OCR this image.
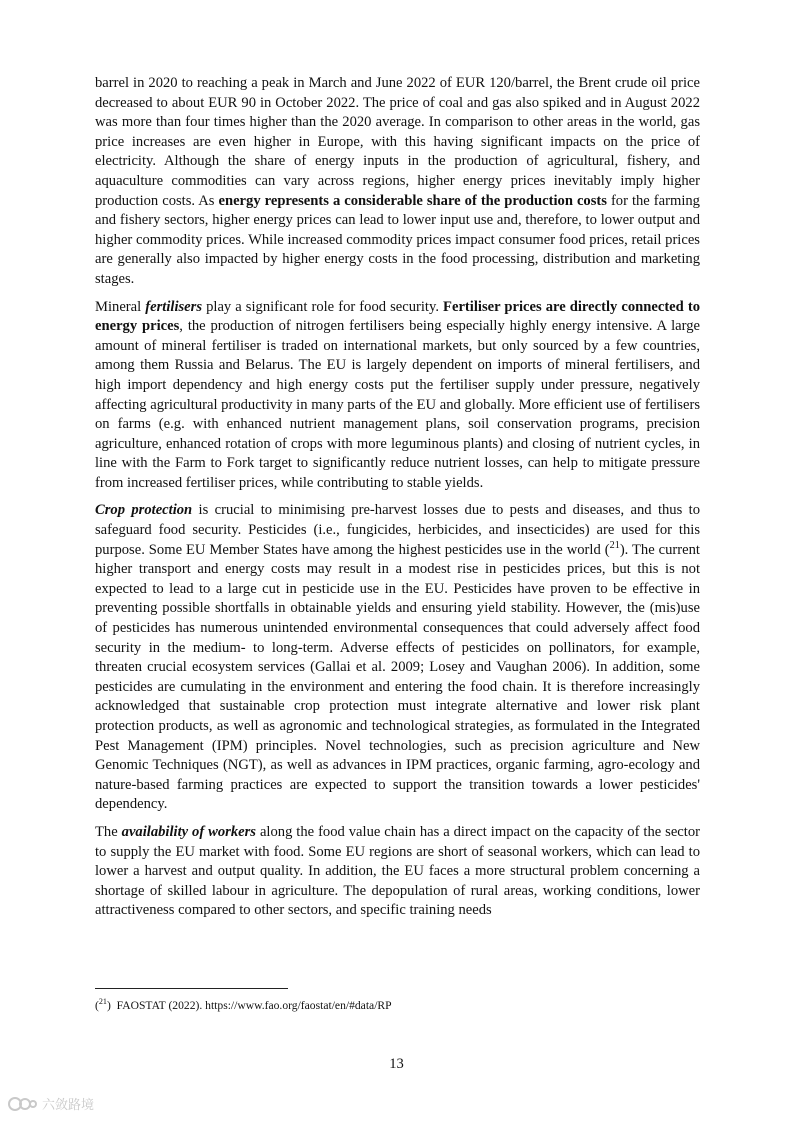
barrel in 2020 to reaching a peak in March and June 2022 of EUR 120/barrel, the Brent crude oil price decreased to about EUR 90 in October 2022. The price of coal and gas also spiked and in August 2022 was more than four times higher than the 2020 average. In comparison to other areas in the world, gas price increases are even higher in Europe, with this having significant impacts on the price of electricity. Although the share of energy inputs in the production of agricultural, fishery, and aquaculture commodities can vary across regions, higher energy prices inevitably imply higher production costs. As energy represents a considerable share of the production costs for the farming and fishery sectors, higher energy prices can lead to lower input use and, therefore, to lower output and higher commodity prices. While increased commodity prices impact consumer food prices, retail prices are generally also impacted by higher energy costs in the food processing, distribution and marketing stages.

Mineral fertilisers play a significant role for food security. Fertiliser prices are directly connected to energy prices, the production of nitrogen fertilisers being especially highly energy intensive. A large amount of mineral fertiliser is traded on international markets, but only sourced by a few countries, among them Russia and Belarus. The EU is largely dependent on imports of mineral fertilisers, and high import dependency and high energy costs put the fertiliser supply under pressure, negatively affecting agricultural productivity in many parts of the EU and globally. More efficient use of fertilisers on farms (e.g. with enhanced nutrient management plans, soil conservation programs, precision agriculture, enhanced rotation of crops with more leguminous plants) and closing of nutrient cycles, in line with the Farm to Fork target to significantly reduce nutrient losses, can help to mitigate pressure from increased fertiliser prices, while contributing to stable yields.

Crop protection is crucial to minimising pre-harvest losses due to pests and diseases, and thus to safeguard food security. Pesticides (i.e., fungicides, herbicides, and insecticides) are used for this purpose. Some EU Member States have among the highest pesticides use in the world ($^{21}$). The current higher transport and energy costs may result in a modest rise in pesticides prices, but this is not expected to lead to a large cut in pesticide use in the EU. Pesticides have proven to be effective in preventing possible shortfalls in obtainable yields and ensuring yield stability. However, the (mis)use of pesticides has numerous unintended environmental consequences that could adversely affect food security in the medium- to long-term. Adverse effects of pesticides on pollinators, for example, threaten crucial ecosystem services (Gallai et al. 2009; Losey and Vaughan 2006). In addition, some pesticides are cumulating in the environment and entering the food chain. It is therefore increasingly acknowledged that sustainable crop protection must integrate alternative and lower risk plant protection products, as well as agronomic and technological strategies, as formulated in the Integrated Pest Management (IPM) principles. Novel technologies, such as precision agriculture and New Genomic Techniques (NGT), as well as advances in IPM practices, organic farming, agro-ecology and nature-based farming practices are expected to support the transition towards a lower pesticides' dependency.

The availability of workers along the food value chain has a direct impact on the capacity of the sector to supply the EU market with food. Some EU regions are short of seasonal workers, which can lead to lower a harvest and output quality. In addition, the EU faces a more structural problem concerning a shortage of skilled labour in agriculture. The depopulation of rural areas, working conditions, lower attractiveness compared to other sectors, and specific training needs

($^{21}$)  FAOSTAT (2022). https://www.fao.org/faostat/en/#data/RP
13
六敛路境
